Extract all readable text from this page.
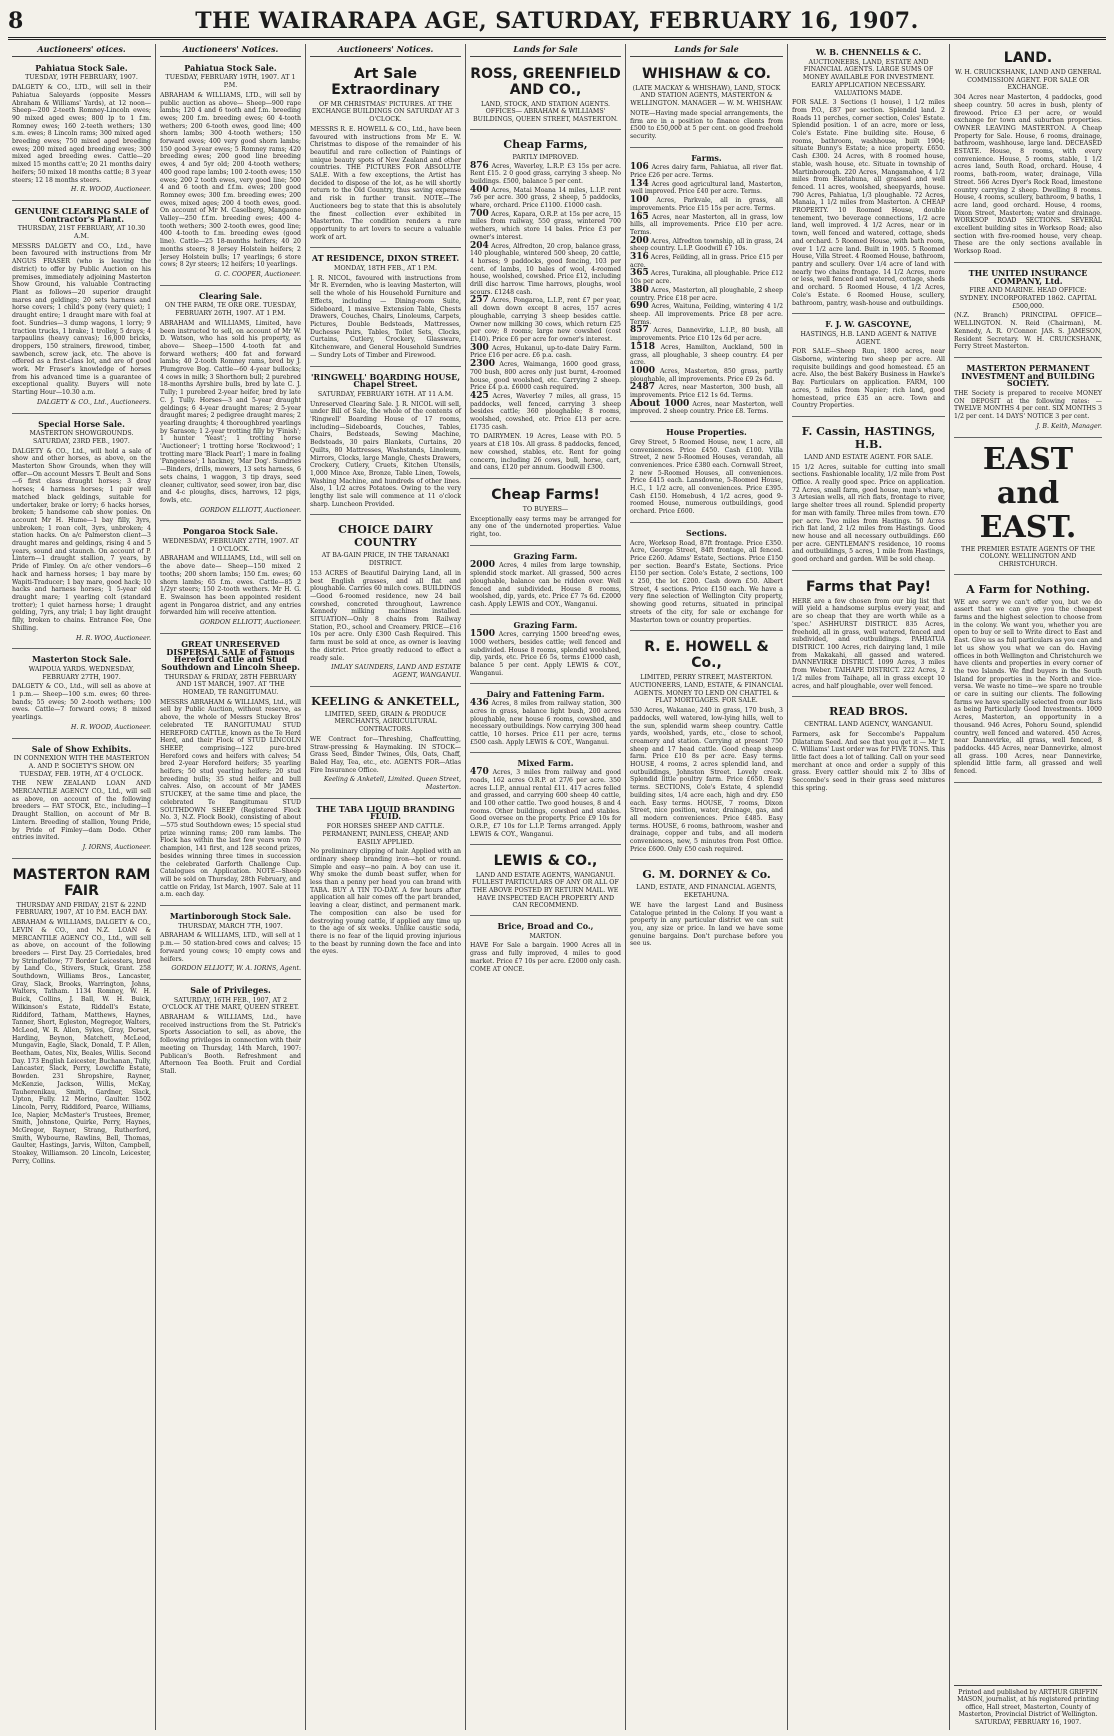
8	THE WAIRARAPA AGE, SATURDAY, FEBRUARY 16, 1907.
Auctioneers' otices.
Pahiatua Stock Sale.
TUESDAY, 19TH FEBRUARY, 1907.
DALGETY & CO., LTD., will sell in their Pahiatua Saleyards (opposite Messrs Abraham & Williams' Yards), at 12 noon— Sheep—200 2-teeth Romney-Lincoln ewes; 90 mixed aged ewes; 800 lp to 1 f.m. Romney ewes; 160 2-teeth wethers; 130 s.m. ewes; 8 Lincoln rams; 300 mixed aged breeding ewes; 750 mixed aged breeding ewes; 200 mixed aged breeding ewes; 300 mixed aged breeding ewes. Cattle—20 mixed 15 months catt'e; 20 21 months dairy heifers; 50 mixed 18 months cattle; 8 3 year steers; 12 18 months steers.
H. R. WOOD, Auctioneer.
GENUINE CLEARING SALE of Contractor's Plant.
THURSDAY, 21ST FEBRUARY, AT 10.30 A.M.
MESSRS DALGETY and CO., Ltd., have been favoured with instructions from Mr ANGUS FRASER (who is leaving the district) to offer by Public Auction on his premises, immediately adjoining Masterton Show Ground, his valuable Contracting Plant as follows—20 superior draught mares and geldings; 20 sets harness and horse covers; 1 child's pony (very quiet); 1 draught entire; 1 draught mare with foal at foot. Sundries—3 dump wagons, 1 lorry; 9 traction trucks, 1 brake; 1 trolley, 5 drays; 4 tarpaulins (heavy canvas); 16,000 bricks, droppers, 150 strainers, firewood, timber, sawbench, screw jack, etc. The above is offered as a first-class lot, and are of good work. Mr Fraser's knowledge of horses from his advanced time is a guarantee of exceptional quality. Buyers will note Starting Hour—10.30 a.m.
DALGETY & CO., Ltd., Auctioneers.
Special Horse Sale.
MASTERTON SHOWGROUNDS. SATURDAY, 23RD FEB., 1907.
DALGETY & CO., Ltd., will hold a sale of show and other horses, as above, on the Masterton Show Grounds, when they will offer—On account Messrs T. Beult and Sons—6 first class draught horses; 3 dray horses; 4 harness horses; 1 pair well matched black geldings, suitable for undertaker, brake or lorry; 6 hacks horses, broken; 5 handsome cab show ponies. On account Mr H. Hume—1 bay filly, 3yrs, unbroken; 1 roan colt, 3yrs, unbroken; 4 station hacks. On a/c Palmerston client—3 draught mares and geldings, rising 4 and 5 years, sound and staunch. On account of P. Lintern—1 draught stallion, 7 years, by Pride of Fimley. On a/c other vendors—6 hack and harness horses; 1 bay mare by Wapiti-Traducer; 1 bay mare, good hack; 10 hacks and harness horses; 1 5-year old draught mare; 1 yearling colt (standard trotter); 1 quiet harness horse; 1 draught gelding, 7yrs, any trial; 1 bay light draught filly, broken to chains. Entrance Fee, One Shilling.
H. R. WOO, Auctioneer.
Masterton Stock Sale.
WAIPOUA YARDS. WEDNESDAY, FEBRUARY 27TH, 1907.
DALGETY & CO., Ltd., will sell as above at 1 p.m.— Sheep—100 s.m. ewes; 60 three-bands; 55 ewes; 50 2-tooth wethers; 100 ewes. Cattle—7 forward cows; 8 mixed yearlings.
H. R. WOOD, Auctioneer.
Sale of Show Exhibits.
IN CONNEXION WITH THE MASTERTON A. AND P. SOCIETY'S SHOW. ON TUESDAY, FEB. 19TH, AT 4 O'CLOCK.
THE NEW ZEALAND LOAN AND MERCANTILE AGENCY CO., Ltd., will sell as above, on account of the following breeders — FAT STOCK, Etc., including—1 Draught Stallion, on account of Mr B. Lintern. Breeding of stallion, Young Pride, by Pride of Fimley—dam Dodo. Other entries invited.
J. IORNS, Auctioneer.
MASTERTON RAM FAIR
THURSDAY AND FRIDAY, 21ST & 22ND FEBRUARY, 1907, AT 10 P.M. EACH DAY.
ABRAHAM & WILLIAMS, DALGETY & CO., LEVIN & CO., and N.Z. LOAN & MERCANTILE AGENCY CO., Ltd., will sell as above, on account of the following breeders — First Day. 25 Corriedales, bred by Stringfellow; 77 Border Leicesters, bred by Land Co., Stivers, Stuck, Grant. 258 Southdown, Williams Bros., Lancaster, Gray, Slack, Brooks, Warrington, Johns, Walters, Tatham. 1134 Romney, W. H. Buick, Collins, J. Ball, W. H. Buick, Wilkinson's Estate, Riddell's Estate, Riddiford, Tatham, Matthews, Haynes, Tanner, Short, Egleston, Megregor, Walters, McLeod, W. R. Allen, Sykes, Gray, Dorset, Harding, Beynon, Matchett, McLeod, Mungavin, Eagle, Slack, Donald, T. P. Allen, Beetham, Oates, Nix, Beales, Willis. Second Day. 173 English Leicester, Buchanan, Tully, Lancaster, Slack, Perry, Lowcliffe Estate, Bowden. 231 Shropshire, Rayner, McKenzie, Jackson, Willis, McKay, Tauherenikau, Smith, Gardner, Slack, Upton, Fully. 12 Merino, Gaulter. 1502 Lincoln, Perry, Riddiford, Pearce, Williams, Ice, Napier, McMaster's Trustees, Bremer, Smith, Johnstone, Quirke, Perry, Haynes, McGregor, Rayner, Strang, Rutherford, Smith, Wybourne, Rawlins, Bell, Thomas, Gaulter, Hastings, Jarvis, Wilton, Campbell, Stoakey, Williamson. 20 Lincoln, Leicester, Perry, Collins.
Auctioneers' Notices.
Pahiatua Stock Sale.
TUESDAY, FEBRUARY 19TH, 1907. AT 1 P.M.
ABRAHAM & WILLIAMS, LTD., will sell by public auction as above— Sheep—900 rape lambs; 120 4 and 6 tooth and f.m. breeding ewes; 200 f.m. breeding ewes; 60 4-tooth wethers; 200 6-tooth ewes, good line; 400 shorn lambs; 300 4-tooth wethers; 150 forward ewes; 400 very good shorn lambs; 150 good 3-year ewes; 5 Romney rams; 420 breeding ewes; 200 good line breeding ewes, 4 and 5yr old; 200 4-tooth wethers; 400 good rape lambs; 100 2-tooth ewes; 150 ewes; 200 2 tooth ewes, very good line; 500 4 and 6 tooth and f.f.m. ewes; 200 good Romney ewes; 300 f.m. breeding ewes; 200 ewes, mixed ages; 200 4 tooth ewes, good. On account of Mr M. Caselberg, Mangaone Valley—250 f.f.m. breeding ewes; 400 4-tooth wethers; 300 2-tooth ewes, good line; 400 4-tooth to f.m. breeding ewes (good line). Cattle—25 18-months heifers; 40 20 months steers; 8 Jersey Holstein heifers; 2 Jersey Holstein bulls; 17 yearlings; 6 store cows; 8 2yr steers; 12 heifers; 10 yearlings.
G. C. COOPER, Auctioneer.
Clearing Sale.
ON THE FARM, TE ORE ORE. TUESDAY, FEBRUARY 26TH, 1907. AT 1 P.M.
ABRAHAM and WILLIAMS, Limited, have been instructed to sell, on account of Mr W. D. Watson, who has sold his property, as above— Sheep—1500 4-tooth fat and forward wethers; 400 fat and forward lambs; 40 2-tooth Romney rams, bred by J. Plumgrove Bog. Cattle—60 4-year bullocks; 4 cows in milk; 3 Shorthorn bull; 2 purebred 18-months Ayrshire bulls, bred by late C. J. Tully; 1 purebred 2-year heifer, bred by late C. J. Tully. Horses—3 and 5-year draught geldings; 6 4-year draught mares; 2 5-year draught mares; 2 pedigree draught mares; 2 yearling draughts; 4 thoroughbred yearlings by Sarason; 1 2-year trotting filly by 'Finish'; 1 hunter 'Yeast'; 1 trotting horse 'Auctioneer'; 1 trotting horse 'Rockwood'; 1 trotting mare 'Black Pearl'; 1 mare in foaling 'Pangenese'; 1 hackney, 'Mar Dog'. Sundries—Binders, drills, mowers, 13 sets harness, 6 sets chains, 1 waggon, 3 tip drays, seed cleaner, cultivator, seed sower, iron bar, disc and 4-c ploughs, discs, harrows, 12 pigs, fowls, etc.
GORDON ELLIOTT, Auctioneer.
Pongaroa Stock Sale.
WEDNESDAY, FEBRUARY 27TH, 1907. AT 1 O'CLOCK.
ABRAHAM and WILLIAMS, Ltd., will sell on the above date— Sheep—150 mixed 2 tooths; 200 shorn lambs; 150 f.m. ewes; 60 shorn lambs; 65 f.m. ewes. Cattle—85 2 1/2yr steers; 150 2-tooth wethers. Mr H. G. E. Swainson has been appointed resident agent in Pongaroa district, and any entries forwarded him will receive attention.
GORDON ELLIOTT, Auctioneer.
GREAT UNRESERVED DISPERSAL SALE of Famous Hereford Cattle and Stud Southdown and Lincoln Sheep.
THURSDAY & FRIDAY, 28TH FEBRUARY AND 1ST MARCH, 1907. AT 'THE HOMEAD, TE RANGITUMAU.
MESSRS ABRAHAM & WILLIAMS, Ltd., will sell by Public Auction, without reserve, as above, the whole of Messrs Stuckey Bros' celebrated TE RANGITUMAU STUD HEREFORD CATTLE, known as the Te Herd Herd, and their Flock of STUD LINCOLN SHEEP, comprising—122 pure-bred Hereford cows and heifers with calves; 54 bred 2-year Hereford heifers; 35 yearling heifers; 50 stud yearling heifers; 20 stud breeding bulls; 35 stud heifer and bull calves. Also, on account of Mr JAMES STUCKEY, at the same time and place, the celebrated Te Rangitumau STUD SOUTHDOWN SHEEP (Registered Flock No. 3, N.Z. Flock Book), consisting of about—575 stud Southdown ewes; 15 special stud prize winning rams; 200 ram lambs. The Flock has within the last few years won 70 champion, 141 first, and 128 second prizes, besides winning three times in succession the celebrated Garforth Challenge Cup. Catalogues on Application. NOTE—Sheep will be sold on Thursday, 28th February, and cattle on Friday, 1st March, 1907. Sale at 11 a.m. each day.
Martinborough Stock Sale.
THURSDAY, MARCH 7TH, 1907.
ABRAHAM & WILLIAMS, LTD., will sell at 1 p.m.— 50 station-bred cows and calves; 15 forward young cows; 10 empty cows and heifers.
GORDON ELLIOTT, W. A. IORNS, Agent.
Sale of Privileges.
SATURDAY, 16TH FEB., 1907, AT 2 O'CLOCK AT THE MART, QUEEN STREET.
ABRAHAM & WILLIAMS, Ltd., have received instructions from the St. Patrick's Sports Association to sell, as above, the following privileges in connection with their meeting on Thursday, 14th March, 1907: Publican's Booth. Refreshment and Afternoon Tea Booth. Fruit and Cordial Stall.
Auctioneers' Notices.
Art Sale Extraordinary
OF MR CHRISTMAS' PICTURES. AT THE EXCHANGE BUILDINGS ON SATURDAY AT 3 O'CLOCK.
MESSRS R. E. HOWELL & CO., Ltd., have been favoured with instructions from Mr E. W. Christmas to dispose of the remainder of his beautiful and rare collection of Paintings of unique beauty spots of New Zealand and other countries. THE PICTURES FOR ABSOLUTE SALE. With a few exceptions, the Artist has decided to dispose of the lot, as he will shortly return to the Old Country, thus saving expense and risk in further transit. NOTE—The Auctioneers beg to state that this is absolutely the finest collection ever exhibited in Masterton. The condition renders a rare opportunity to art lovers to secure a valuable work of art.
AT RESIDENCE, DIXON STREET.
MONDAY, 18TH FEB., AT 1 P.M.
J. R. NICOL, favoured with instructions from Mr R. Evernden, who is leaving Masterton, will sell the whole of his Household Furniture and Effects, including — Dining-room Suite, Sideboard, 1 massive Extension Table, Chests Drawers, Couches, Chairs, Linoleums, Carpets, Pictures, Double Bedsteads, Mattresses, Duchesse Pairs, Tables, Toilet Sets, Clocks, Curtains, Cutlery, Crockery, Glassware, Kitchenware, and General Household Sundries — Sundry Lots of Timber and Firewood.
'RINGWELL' BOARDING HOUSE, Chapel Street.
SATURDAY, FEBRUARY 16TH. AT 11 A.M.
Unreserved Clearing Sale. J. R. NICOL will sell, under Bill of Sale, the whole of the contents of 'Ringwell' Boarding House of 17 rooms, including—Sideboards, Couches, Tables, Chairs, Bedsteads, Sewing Machine, Bedsteads, 30 pairs Blankets, Curtains, 20 Quilts, 80 Mattresses, Washstands, Linoleum, Mirrors, Clocks, large Mangle, Chests Drawers, Crockery, Cutlery, Cruets, Kitchen Utensils, 1,000 Mince Axe, Bronze, Table Linen, Towels, Washing Machine, and hundreds of other lines. Also, 1 1/2 acres Potatoes. Owing to the very lengthy list sale will commence at 11 o'clock sharp. Luncheon Provided.
CHOICE DAIRY COUNTRY
AT BA-GAIN PRICE, IN THE TARANAKI DISTRICT.
153 ACRES of Beautiful Dairying Land, all in best English grasses, and all flat and ploughable. Carries 60 milch cows. BUILDINGS—Good 6-roomed residence, new 24 bail cowshed, concreted throughout, Lawrence Kennedy milking machines installed. SITUATION—Only 8 chains from Railway Station, P.O., school and Creamery. PRICE—£16 10s per acre. Only £300 Cash Required. This farm must be sold at once, as owner is leaving the district. Price greatly reduced to effect a ready sale.
IMLAY SAUNDERS, LAND AND ESTATE AGENT, WANGANUI.
KEELING & ANKETELL,
LIMITED, SEED, GRAIN & PRODUCE MERCHANTS, AGRICULTURAL CONTRACTORS.
WE Contract for—Threshing, Chaffcutting, Straw-pressing & Haymaking. IN STOCK—Grass Seed, Binder Twines, Oils, Oats, Chaff, Baled Hay, Tea, etc., etc. AGENTS FOR—Atlas Fire Insurance Office.
Keeling & Anketell, Limited. Queen Street, Masterton.
THE TABA LIQUID BRANDING FLUID.
FOR HORSES SHEEP AND CATTLE. PERMANENT, PAINLESS, CHEAP, AND EASILY APPLIED.
No preliminary clipping of hair. Applied with an ordinary sheep branding iron—hot or round. Simple and easy—no pain. A boy can use it. Why smoke the dumb beast suffer, when for less than a penny per head you can brand with TABA. BUY A TIN TO-DAY. A few hours after application all hair comes off the part branded, leaving a clear, distinct, and permanent mark. The composition can also be used for destroying young cattle, if applied any time up to the age of six weeks. Unlike caustic soda, there is no fear of the liquid proving injurious to the beast by running down the face and into the eyes.
Lands for Sale
ROSS, GREENFIELD AND CO.,
LAND, STOCK, AND STATION AGENTS. OFFICES— ABRAHAM & WILLIAMS' BUILDINGS, QUEEN STREET, MASTERTON.
Cheap Farms,
PARTLY IMPROVED.
876 Acres, Waverley, L.R.P. £3 15s per acre. Rent £15. 2 0 good grass, carrying 3 sheep. No buildings. £500, balance 5 per cent.
400 Acres, Matai Moana 14 miles, L.I.P. rent 7s6 per acre. 300 grass, 2 sheep, 5 paddocks, whare, orchard. Price £1100. £1000 cash.
700 Acres, Kapara, O.R.P. at 15s per acre, 15 miles from railway, 550 grass, wintered 700 wethers, which store 14 bales. Price £3 per owner's interest.
204 Acres, Alfredton, 20 crop, balance grass, 140 ploughable, wintered 500 sheep, 20 cattle, 4 horses; 9 paddocks, good fencing, 103 per cent. of lambs, 10 bales of wool, 4-roomed house, woolshed, cowshed. Price £12, including drill disc harrow. Time harrows, ploughs, wool scours. £1248 cash.
257 Acres, Pongaroa, L.I.P., rent £7 per year, all down down except 8 acres, 157 acres ploughable, carrying 3 sheep besides cattle. Owner now milking 30 cows, which return £25 per cow; 8 rooms; large new cowshed (cost £140). Price £6 per acre for owner's interest.
300 Acres, Hukanui, up-to-date Dairy Farm. Price £16 per acre. £6 p.a. cash.
2300 Acres, Waimanga, 1600 good grass, 700 bush, 800 acres only just burnt, 4-roomed house, good woolshed, etc. Carrying 2 sheep. Price £4 p.a. £6000 cash required.
425 Acres, Waverley 7 miles, all grass, 15 paddocks, well fenced, carrying 3 sheep besides cattle; 360 ploughable; 8 rooms, woolshed, cowshed, etc. Price £13 per acre. £1735 cash.
TO DAIRYMEN. 19 Acres, Lease with P.O. 5 years at £18 10s. All grass. 8 paddocks, fenced, new cowshed, stables, etc. Rent for going concern, including 26 cows, bull, horse, cart, and cans, £120 per annum. Goodwill £300.
Cheap Farms!
TO BUYERS—
Exceptionally easy terms may be arranged for any one of the undernoted properties. Value right, too.
Grazing Farm.
2000 Acres, 4 miles from large township, splendid stock market. All grassed, 500 acres ploughable, balance can be ridden over. Well fenced and subdivided. House 8 rooms, woolshed, dip, yards, etc. Price £7 7s 6d. £2000 cash. Apply LEWIS and COY., Wanganui.
Grazing Farm.
1500 Acres, carrying 1500 breed'ng ewes, 1000 wethers, besides cattle; well fenced and subdivided. House 8 rooms, splendid woolshed, dip, yards, etc. Price £6 5s, terms £1000 cash, balance 5 per cent. Apply LEWIS & COY., Wanganui.
Dairy and Fattening Farm.
436 Acres, 8 miles from railway station, 300 acres in grass, balance light bush, 200 acres ploughable, new house 6 rooms, cowshed, and necessary outbuildings. Now carrying 300 head cattle, 10 horses. Price £11 per acre, terms £500 cash. Apply LEWIS & COY., Wanganui.
Mixed Farm.
470 Acres, 3 miles from railway and good roads, 162 acres O.R.P. at 27/6 per acre. 350 acres L.I.P., annual rental £11. 417 acres felled and grassed, and carrying 600 sheep 40 cattle, and 100 other cattle. Two good houses, 8 and 4 rooms. Other buildings, cowshed and stables. Good oversee on the property. Price £9 10s for O.R.P., £7 10s for L.I.P. Terms arranged. Apply LEWIS & COY., Wanganui.
LEWIS & CO.,
LAND AND ESTATE AGENTS, WANGANUI. FULLEST PARTICULARS OF ANY OR ALL OF THE ABOVE POSTED BY RETURN MAIL. WE HAVE INSPECTED EACH PROPERTY AND CAN RECOMMEND.
Brice, Broad and Co.,
MARTON.
HAVE For Sale a bargain. 1900 Acres all in grass and fully improved, 4 miles to good market. Price £7 10s per acre. £2000 only cash. COME AT ONCE.
Lands for Sale
WHISHAW & CO.
(LATE MACKAY & WHISHAW), LAND, STOCK AND STATION AGENTS, MASTERTON & WELLINGTON. MANAGER — W. M. WHISHAW.
NOTE—Having made special arrangements, the firm are in a position to finance clients from £500 to £50,000 at 5 per cent. on good freehold security.
Farms.
106 Acres dairy farm, Pahiatua, all river flat. Price £26 per acre. Terms.
134 Acres good agricultural land, Masterton, well improved. Price £40 per acre. Terms.
100 Acres, Parkvale, all in grass, all improvements. Price £15 15s per acre. Terms.
165 Acres, near Masterton, all in grass, low hills, all improvements. Price £10 per acre. Terms.
200 Acres, Alfredton township, all in grass, 24 sheep country. L.I.P. Goodwill £7 10s.
316 Acres, Feilding, all in grass. Price £15 per acre.
365 Acres, Turakina, all ploughable. Price £12 10s per acre.
380 Acres, Masterton, all ploughable, 2 sheep country. Price £18 per acre.
690 Acres, Waituna, Feilding, wintering 4 1/2 sheep. All improvements. Price £8 per acre. Terms.
857 Acres, Dannevirke, L.I.P., 80 bush, all improvements. Price £10 12s 6d per acre.
1518 Acres, Hamilton, Auckland, 500 in grass, all ploughable, 3 sheep country. £4 per acre.
1000 Acres, Masterton, 850 grass, partly ploughable, all improvements. Price £9 2s 6d.
2487 Acres, near Masterton, 300 bush, all improvements. Price £12 1s 6d. Terms.
About 1000 Acres, near Masterton, well improved. 2 sheep country. Price £8. Terms.
House Properties.
Grey Street, 5 Roomed House, new, 1 acre, all conveniences. Price £450. Cash £100. Villa Street, 2 new 5-Roomed Houses, verandah, all conveniences. Price £380 each. Cornwall Street, 2 new 5-Roomed Houses, all conveniences. Price £415 each. Lansdowne, 5-Roomed House, H.C., 1 1/2 acre, all conveniences. Price £395. Cash £150. Homebush, 4 1/2 acres, good 9-roomed House, numerous outbuildings, good orchard. Price £600.
Sections.
Acre, Worksop Road, 87ft frontage. Price £350. Acre, George Street, 84ft frontage, all fenced. Price £260. Adams' Estate, Sections. Price £150 per section. Beard's Estate, Sections. Price £150 per section. Cole's Estate, 2 sections, 100 x 250, the lot £200. Cash down £50. Albert Street, 4 sections. Price £150 each. We have a very fine selection of Wellington City property, showing good returns, situated in principal streets of the city, for sale or exchange for Masterton town or country properties.
R. E. HOWELL & Co.,
LIMITED, PERRY STREET, MASTERTON. AUCTIONEERS, LAND, ESTATE, & FINANCIAL AGENTS. MONEY TO LEND ON CHATTEL & FLAT MORTGAGES. FOR SALE.
530 Acres, Wakanae, 240 in grass, 170 bush, 3 paddocks, well watered, low-lying hills, well to the sun, splendid warm sheep country. Cattle yards, woolshed, yards, etc., close to school, creamery and station. Carrying at present 750 sheep and 17 head cattle. Good cheap sheep farm. Price £10 8s per acre. Easy terms. HOUSE, 4 rooms, 2 acres splendid land, and outbuildings, Johnston Street. Lovely creek. Splendid little poultry farm. Price £650. Easy terms. SECTIONS, Cole's Estate, 4 splendid building sites, 1/4 acre each, high and dry. £50 each. Easy terms. HOUSE, 7 rooms, Dixon Street, nice position, water, drainage, gas, and all modern conveniences. Price £485. Easy terms. HOUSE, 6 rooms, bathroom, washer and drainage, copper and tubs, and all modern conveniences, new, 5 minutes from Post Office. Price £600. Only £50 cash required.
G. M. DORNEY & Co.
LAND, ESTATE, AND FINANCIAL AGENTS, EKETAHUNA.
WE have the largest Land and Business Catalogue printed in the Colony. If you want a property in any particular district we can suit you, any size or price. In land we have some genuine bargains. Don't purchase before you see us.
W. B. CHENNELLS & C.
AUCTIONEERS, LAND, ESTATE AND FINANCIAL AGENTS. LARGE SUMS OF MONEY AVAILABLE FOR INVESTMENT. EARLY APPLICATION NECESSARY. VALUATIONS MADE.
FOR SALE. 3 Sections (1 house), 1 1/2 miles from P.O., £87 per section. Splendid land. 2 Roads 11 perches, corner section, Coles' Estate. Splendid position. 1 of an acre, more or less, Cole's Estate. Fine building site. House, 6 rooms, bathroom, washhouse, built 1904; situate Bunny's Estate; a nice property. £650. Cash £300. 24 Acres, with 8 roomed house, stable, wash house, etc. Situate in township of Martinborough. 220 Acres, Mangamahoe, 4 1/2 miles from Eketahuna, all grassed and well fenced. 11 acres, woolshed, sheepyards, house. 790 Acres, Pahiatua, 1/3 ploughable. 72 Acres, Manaia, 1 1/2 miles from Masterton. A CHEAP PROPERTY. 10 Roomed House, double tenement, two beverage connections, 1/2 acre land, well improved. 4 1/2 Acres, near or in town, well fenced and watered, cottage, sheds and orchard. 5 Roomed House, with bath room, over 1 1/2 acre land. Built in 1905. 5 Roomed House, Villa Street. 4 Roomed House, bathroom, pantry and scullery. Over 1/4 acre of land with nearly two chains frontage. 14 1/2 Acres, more or less, well fenced and watered, cottage, sheds and orchard. 5 Roomed House, 4 1/2 Acres, Cole's Estate. 6 Roomed House, scullery, bathroom, pantry, wash-house and outbuildings.
F. J. W. GASCOYNE,
HASTINGS, H.B. LAND AGENT & NATIVE AGENT.
FOR SALE—Sheep Run, 1800 acres, near Gisborne, wintering two sheep per acre. All requisite buildings and good homestead. £5 an acre. Also, the best Bakery Business in Hawke's Bay. Particulars on application. FARM, 100 acres, 5 miles from Napier; rich land, good homestead, price £35 an acre. Town and Country Properties.
F. Cassin, HASTINGS, H.B.
LAND AND ESTATE AGENT. FOR SALE.
15 1/2 Acres, suitable for cutting into small sections. Fashionable locality, 1/2 mile from Post Office. A really good spec. Price on application. 72 Acres, small farm, good house, man's whare, 3 Artesian wells, all rich flats, frontage to river, large shelter trees all round. Splendid property for man with family. Three miles from town. £70 per acre. Two miles from Hastings. 50 Acres rich flat land, 2 1/2 miles from Hastings. Good new house and all necessary outbuildings. £60 per acre. GENTLEMAN'S residence, 10 rooms and outbuildings, 5 acres, 1 mile from Hastings, good orchard and garden. Will be sold cheap.
Farms that Pay!
HERE are a few chosen from our big list that will yield a handsome surplus every year, and are so cheap that they are worth while as a 'spec.' ASHHURST DISTRICT. 835 Acres, freehold, all in grass, well watered, fenced and subdivided, and outbuildings. PAHIATUA DISTRICT. 100 Acres, rich dairying land, 1 mile from Makakahi, all gassed and watered. DANNEVIRKE DISTRICT. 1099 Acres, 3 miles from Weber. TAIHAPE DISTRICT. 222 Acres, 2 1/2 miles from Taihape, all in grass except 10 acres, and half ploughable, over well fenced.
READ BROS.
CENTRAL LAND AGENCY, WANGANUI.
Farmers, ask for Seccombe's Pappalum Dilatatum Seed. And see that you get it — Mr T. C. Williams' Lust order was for FIVE TONS. This little fact does a lot of talking. Call on your seed merchant at once and order a supply of this grass. Every cattler should mix 2 to 3lbs of Seccombe's seed in their grass seed mixtures this spring.
LAND.
W. H. CRUICKSHANK, LAND AND GENERAL COMMISSION AGENT. FOR SALE OR EXCHANGE.
304 Acres near Masterton, 4 paddocks, good sheep country. 50 acres in bush, plenty of firewood. Price £3 per acre, or would exchange for town and suburban properties. OWNER LEAVING MASTERTON. A Cheap Property for Sale. House, 6 rooms, drainage, bathroom, washhouse, large land. DECEASED ESTATE. House, 8 rooms, with every convenience. House, 5 rooms, stable, 1 1/2 acres land, South Road, orchard. House, 4 rooms, bath-room, water, drainage, Villa Street. 566 Acres Dyer's Rock Road, limestone country carrying 2 sheep. Dwelling 8 rooms. House, 4 rooms, scullery, bathroom, 9 baths, 1 acre land, good orchard. House, 4 rooms, Dixon Street, Masterton; water and drainage. WORKSOP ROAD SECTIONS. SEVERAL excellent building sites in Worksop Road; also section with five-roomed house, very cheap. These are the only sections available in Worksop Road.
THE UNITED INSURANCE COMPANY, Ltd.
FIRE AND MARINE. HEAD OFFICE: SYDNEY. INCORPORATED 1862. CAPITAL £500,000.
(N.Z. Branch) PRINCIPAL OFFICE—WELLINGTON. N. Reid (Chairman), M. Kennedy, A. R. O'Connor. JAS. S. JAMESON, Resident Secretary. W. H. CRUICKSHANK, Ferry Street Masterton.
MASTERTON PERMANENT INVESTMENT and BUILDING SOCIETY.
THE Society is prepared to receive MONEY ON DEPOSIT at the following rates: — TWELVE MONTHS 4 per cent. SIX MONTHS 3 1/2 per cent. 14 DAYS' NOTICE 3 per cent.
J. B. Keith, Manager.
EAST and EAST.
THE PREMIER ESTATE AGENTS OF THE COLONY. WELLINGTON AND CHRISTCHURCH.
A Farm for Nothing.
WE are sorry we can't offer you, but we do assert that we can give you the cheapest farms and the highest selection to choose from in the colony. We want you, whether you are open to buy or sell to Write direct to East and East. Give us as full particulars as you can and let us show you what we can do. Having offices in both Wellington and Christchurch we have clients and properties in every corner of the two Islands. We find buyers in the South Island for properties in the North and vice-versa. We waste no time—we spare no trouble or care in suiting our clients. The following farms we have specially selected from our lists as being Particularly Good Investments. 1000 Acres, Masterton, an opportunity in a thousand. 946 Acres, Pohoru Sound, splendid country, well fenced and watered. 450 Acres, near Dannevirke, all grass, well fenced, 8 paddocks. 445 Acres, near Dannevirke, almost all grass. 100 Acres, near Dannevirke, splendid little farm, all grassed and well fenced.
Printed and published by ARTHUR GRIFFIN MASON, journalist, at his registered printing office, Hall street, Masterton, County of Masterton, Provincial District of Wellington. SATURDAY, FEBRUARY 16, 1907.
